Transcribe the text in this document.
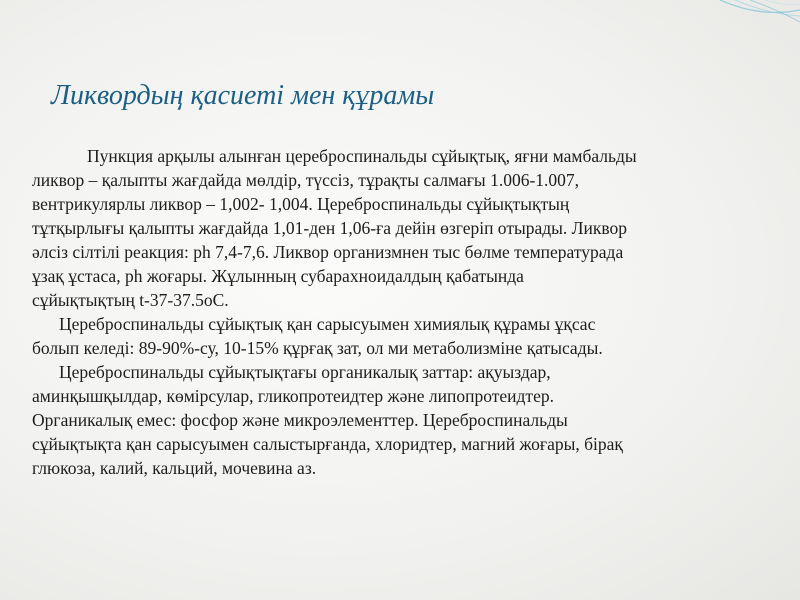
Ликвордың қасиеті мен құрамы
Пункция арқылы алынған цереброспинальды сұйықтық, яғни мамбальды
ликвор – қалыпты жағдайда мөлдір, түссіз, тұрақты салмағы 1.006-1.007,
вентрикулярлы ликвор – 1,002- 1,004. Цереброспинальды сұйықтықтың
тұтқырлығы қалыпты жағдайда 1,01-ден 1,06-ға дейін өзгеріп отырады. Ликвор
әлсіз сілтілі реакция: ph 7,4-7,6. Ликвор организмнен тыс бөлме температурада
ұзақ ұстаса, ph жоғары. Жұлынның субарахноидалдың қабатында
сұйықтықтың t-37-37.5oC.
Цереброспинальды сұйықтық қан сарысуымен химиялық құрамы ұқсас
болып келеді: 89-90%-су, 10-15% құрғақ зат, ол ми метаболизміне қатысады.
Цереброспинальды сұйықтықтағы органикалық заттар: ақуыздар,
аминқышқылдар, көмірсулар, гликопротеидтер және липопротеидтер.
Органикалық емес: фосфор және микроэлементтер. Цереброспинальды
сұйықтықта қан сарысуымен салыстырғанда, хлоридтер, магний жоғары, бірақ
глюкоза, калий, кальций, мочевина аз.
